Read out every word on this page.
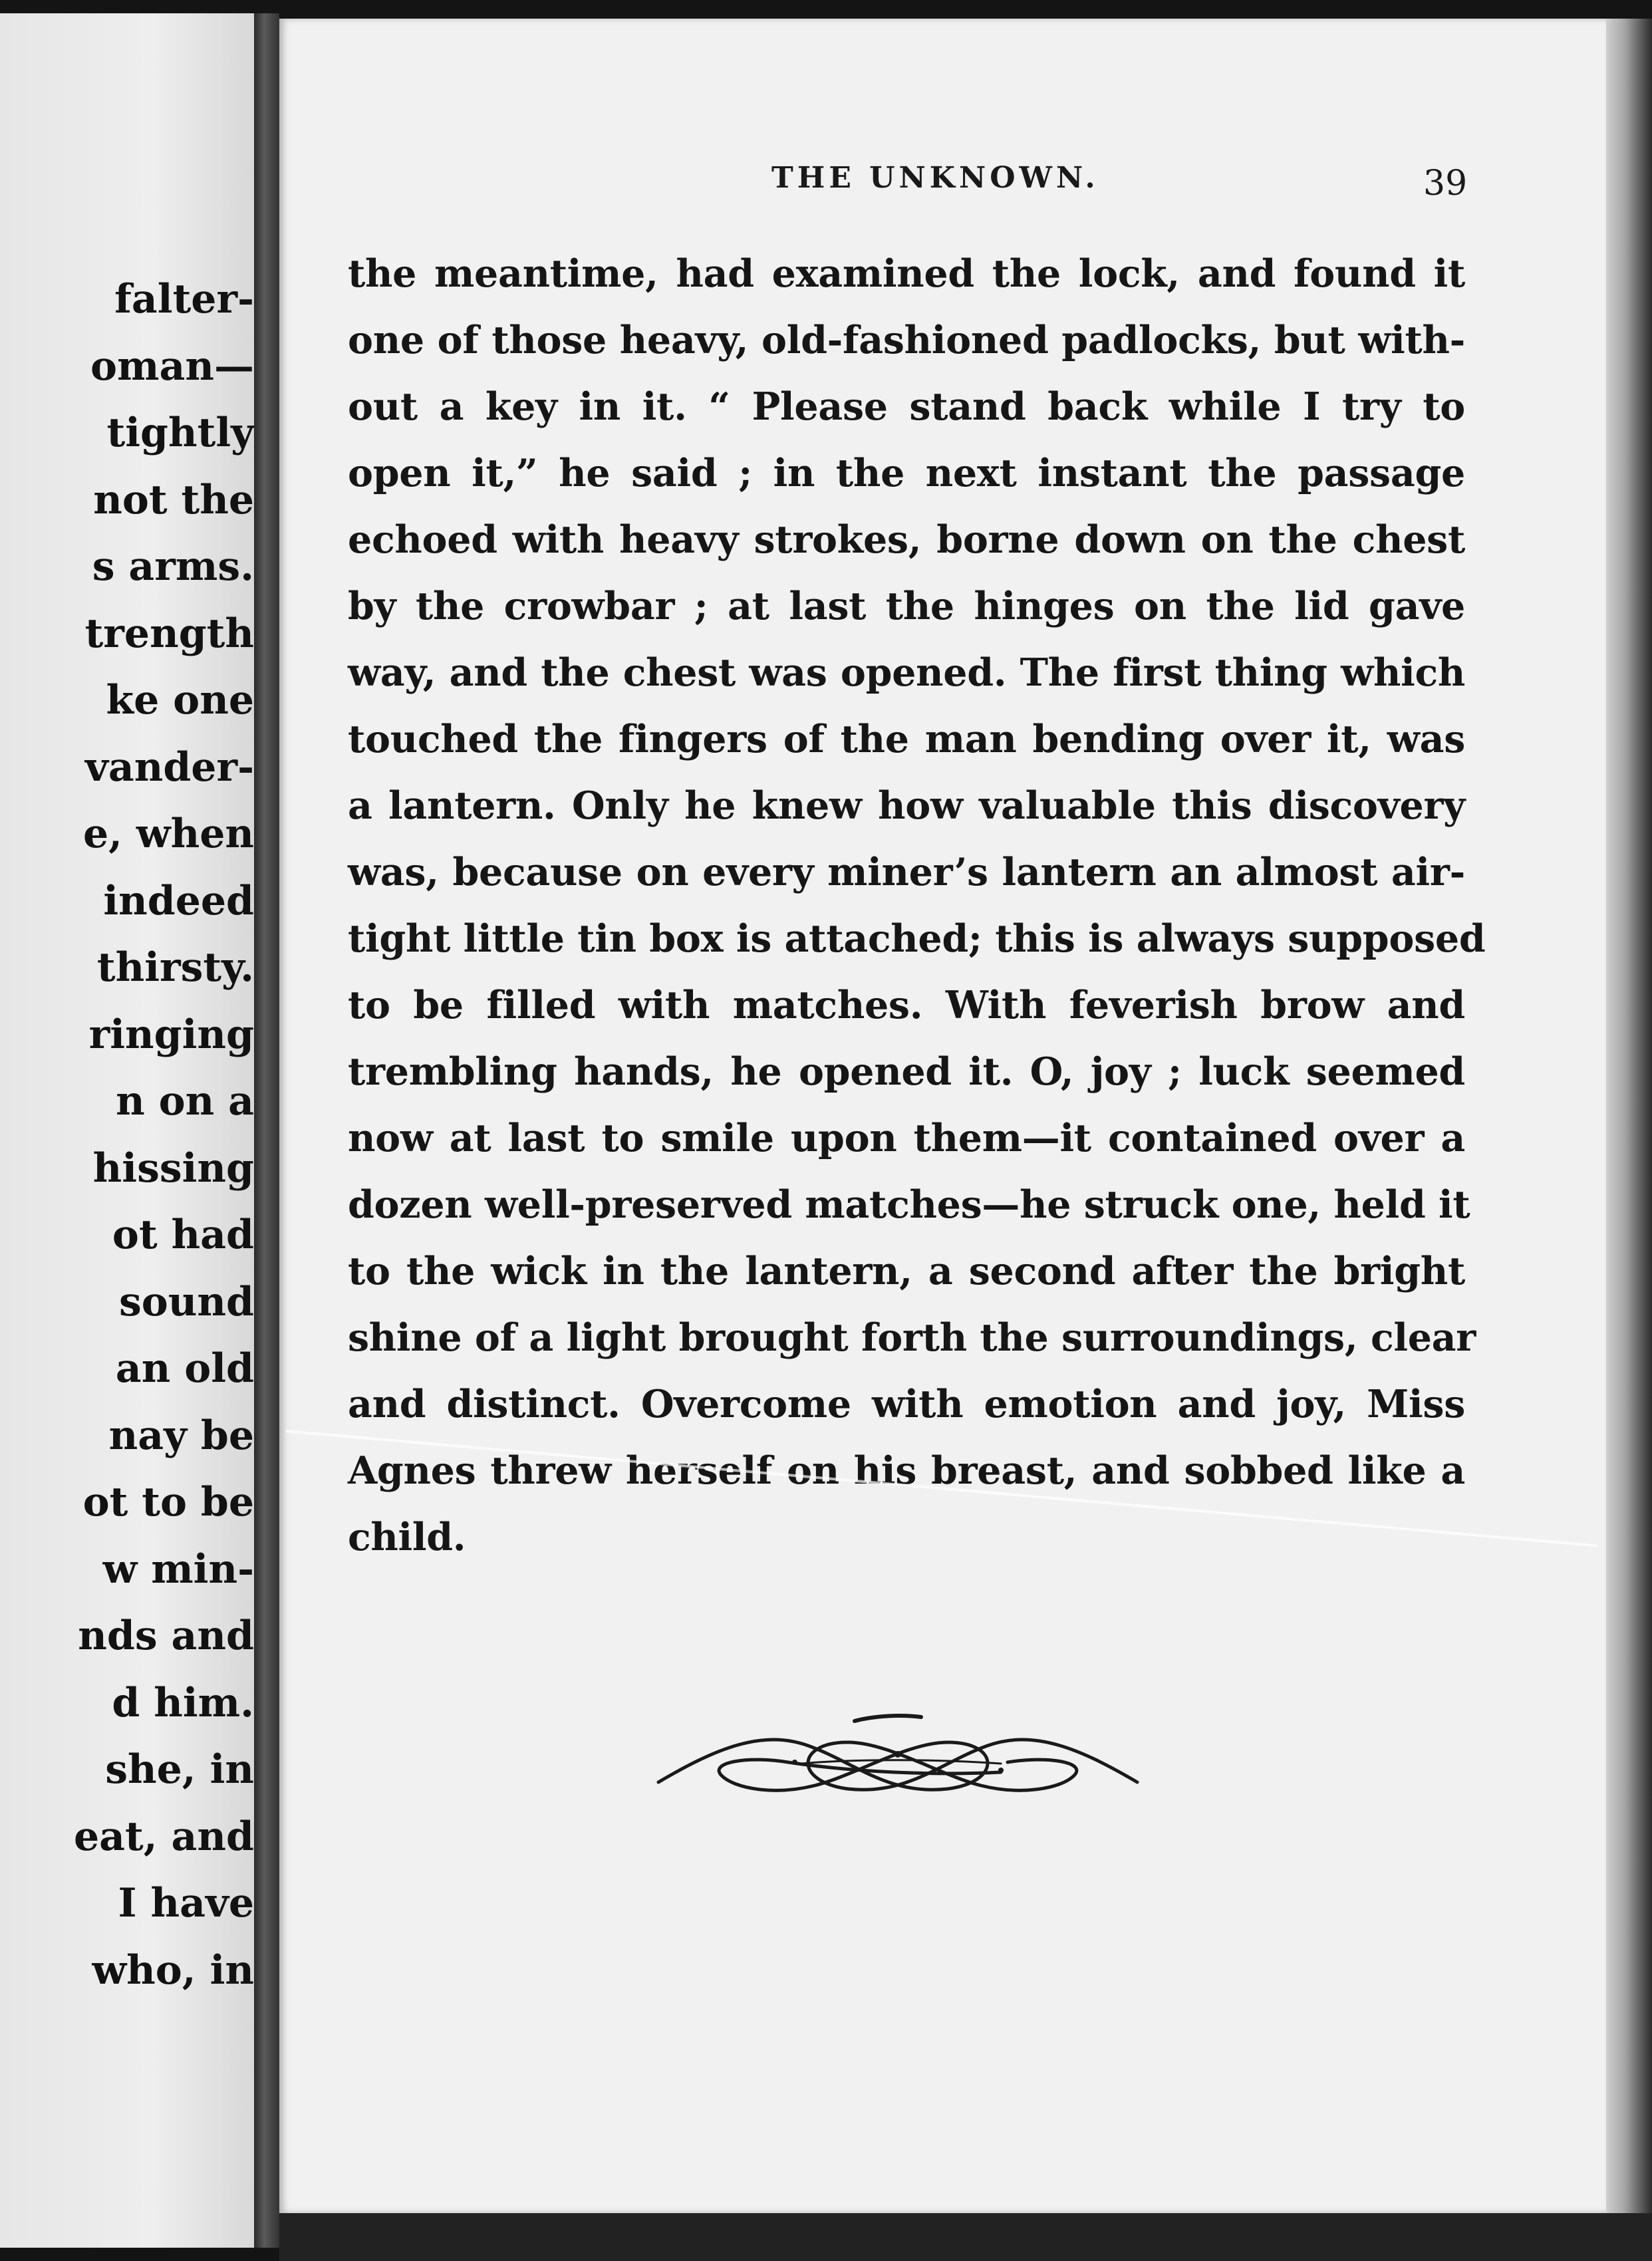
falter-
oman—
tightly
not the
s arms.
trength
ke one
vander-
e, when
indeed
thirsty.
ringing
n on a
hissing
ot had
sound
an old
nay be
ot to be
w min-
nds and
d him.
she, in
eat, and
I have
who, in
THE UNKNOWN.	39
the meantime, had examined the lock, and found it
one of those heavy, old-fashioned padlocks, but with-
out a key in it. “ Please stand back while I try to
open it,” he said ; in the next instant the passage
echoed with heavy strokes, borne down on the chest
by the crowbar ; at last the hinges on the lid gave
way, and the chest was opened. The first thing which
touched the fingers of the man bending over it, was
a lantern. Only he knew how valuable this discovery
was, because on every miner’s lantern an almost air-
tight little tin box is attached; this is always supposed
to be filled with matches. With feverish brow and
trembling hands, he opened it. O, joy ; luck seemed
now at last to smile upon them—it contained over a
dozen well-preserved matches—he struck one, held it
to the wick in the lantern, a second after the bright
shine of a light brought forth the surroundings, clear
and distinct. Overcome with emotion and joy, Miss
Agnes threw herself on his breast, and sobbed like a
child.
